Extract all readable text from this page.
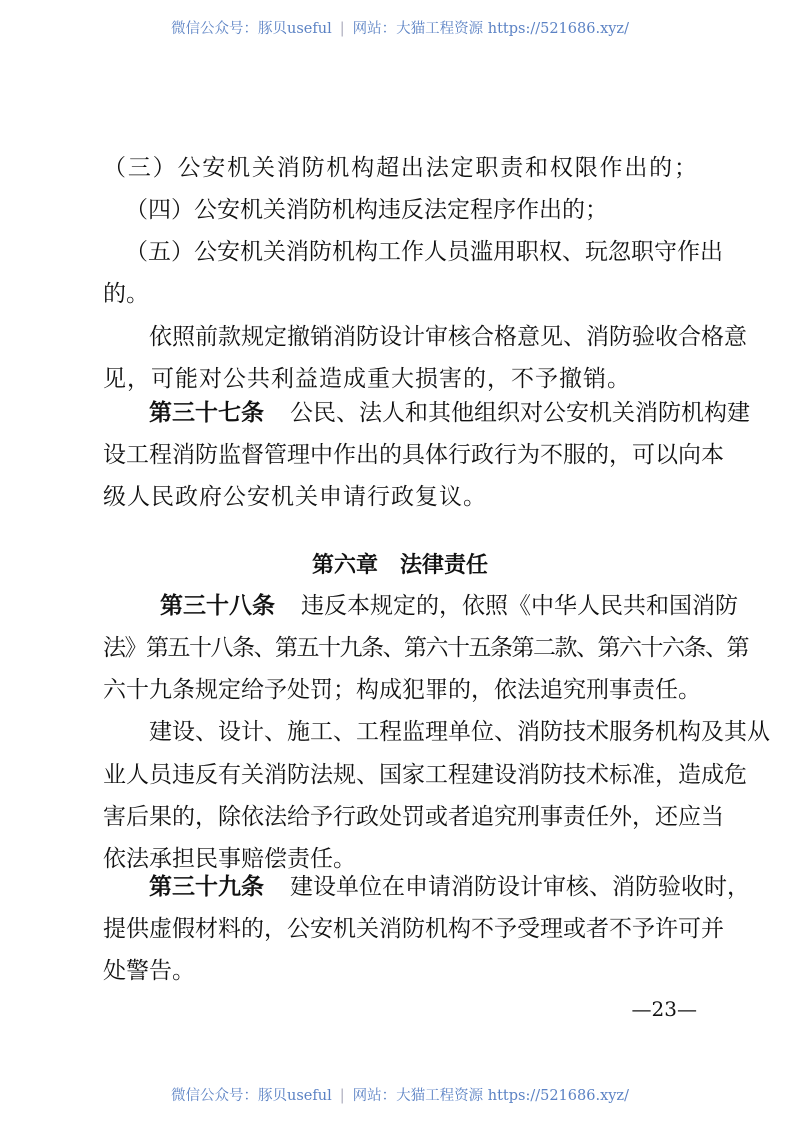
微信公众号：豚贝useful | 网站：大猫工程资源 https://521686.xyz/
（三）公安机关消防机构超出法定职责和权限作出的；
（四）公安机关消防机构违反法定程序作出的；
（五）公安机关消防机构工作人员滥用职权、玩忽职守作出
的。
依照前款规定撤销消防设计审核合格意见、消防验收合格意
见，可能对公共利益造成重大损害的，不予撤销。
第三十七条 公民、法人和其他组织对公安机关消防机构建
设工程消防监督管理中作出的具体行政行为不服的，可以向本
级人民政府公安机关申请行政复议。
第六章　法律责任
第三十八条 违反本规定的，依照《中华人民共和国消防
法》第五十八条、第五十九条、第六十五条第二款、第六十六条、第
六十九条规定给予处罚；构成犯罪的，依法追究刑事责任。
建设、设计、施工、工程监理单位、消防技术服务机构及其从
业人员违反有关消防法规、国家工程建设消防技术标准，造成危
害后果的，除依法给予行政处罚或者追究刑事责任外，还应当
依法承担民事赔偿责任。
第三十九条 建设单位在申请消防设计审核、消防验收时，
提供虚假材料的，公安机关消防机构不予受理或者不予许可并
处警告。
—23—
微信公众号：豚贝useful | 网站：大猫工程资源 https://521686.xyz/
